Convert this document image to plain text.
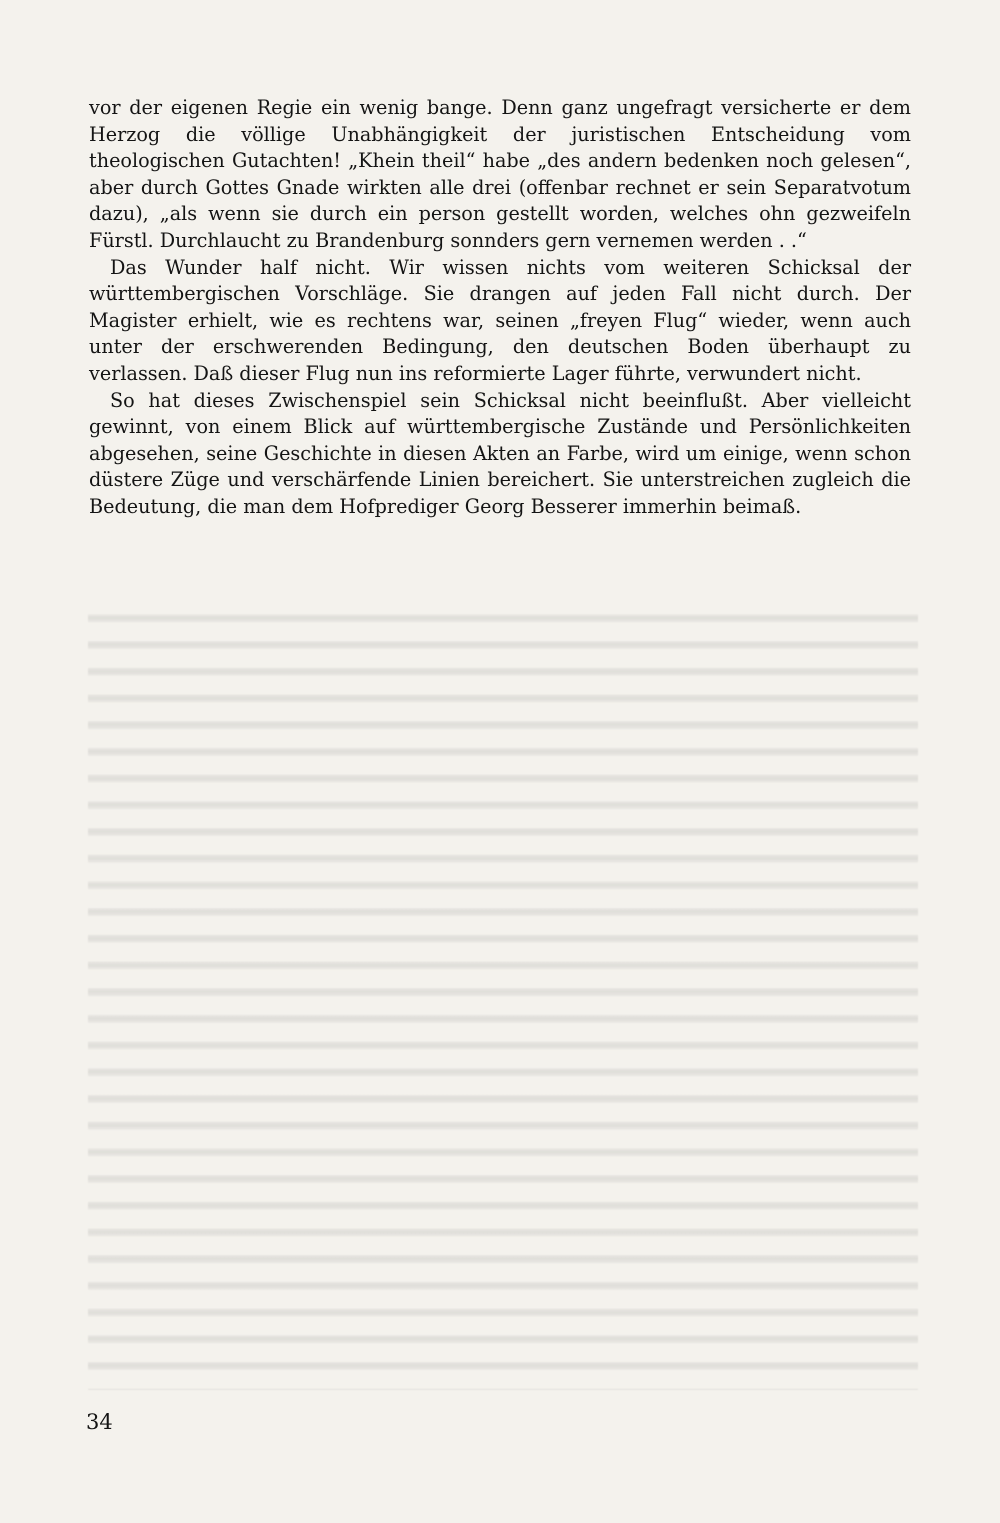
vor der eigenen Regie ein wenig bange. Denn ganz ungefragt versicherte er dem Herzog die völlige Unabhängigkeit der juristischen Entscheidung vom theologischen Gutachten! „Khein theil“ habe „des andern bedenken noch gelesen“, aber durch Gottes Gnade wirkten alle drei (offenbar rechnet er sein Separatvotum dazu), „als wenn sie durch ein person gestellt worden, welches ohn gezweifeln Fürstl. Durchlaucht zu Brandenburg sonnders gern vernemen werden . .“

Das Wunder half nicht. Wir wissen nichts vom weiteren Schicksal der württembergischen Vorschläge. Sie drangen auf jeden Fall nicht durch. Der Magister erhielt, wie es rechtens war, seinen „freyen Flug“ wieder, wenn auch unter der erschwerenden Bedingung, den deutschen Boden überhaupt zu verlassen. Daß dieser Flug nun ins reformierte Lager führte, verwundert nicht.

So hat dieses Zwischenspiel sein Schicksal nicht beeinflußt. Aber vielleicht gewinnt, von einem Blick auf württembergische Zustände und Persönlichkeiten abgesehen, seine Geschichte in diesen Akten an Farbe, wird um einige, wenn schon düstere Züge und verschärfende Linien bereichert. Sie unterstreichen zugleich die Bedeutung, die man dem Hofprediger Georg Besserer immerhin beimaß.

34
